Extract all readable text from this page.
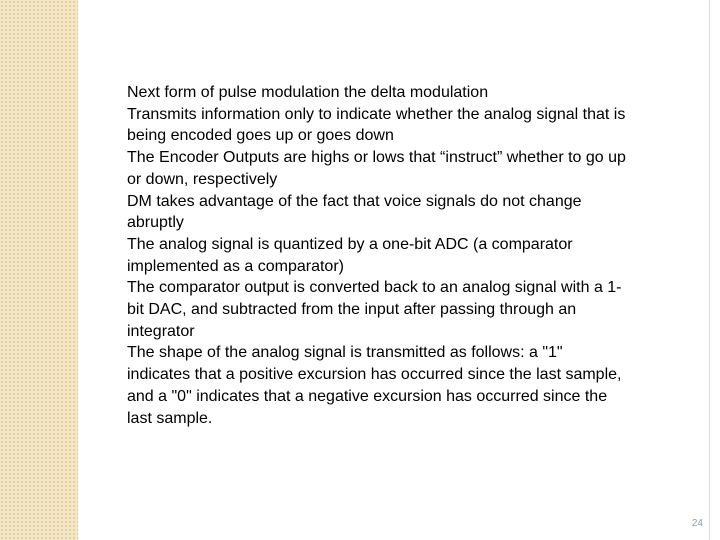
Next form of pulse modulation the delta modulation
Transmits information only to indicate whether the analog signal that is being encoded goes up or goes down
The Encoder Outputs are highs or lows that “instruct” whether to go up or down, respectively
DM takes advantage of the fact that voice signals do not change abruptly
The analog signal is quantized by a one-bit ADC (a comparator implemented as a comparator)
The comparator output is converted back to an analog signal with a 1-bit DAC, and subtracted from the input after passing through an integrator
The shape of the analog signal is transmitted as follows: a "1" indicates that a positive excursion has occurred since the last sample, and a "0" indicates that a negative excursion has occurred since the last sample.

24
